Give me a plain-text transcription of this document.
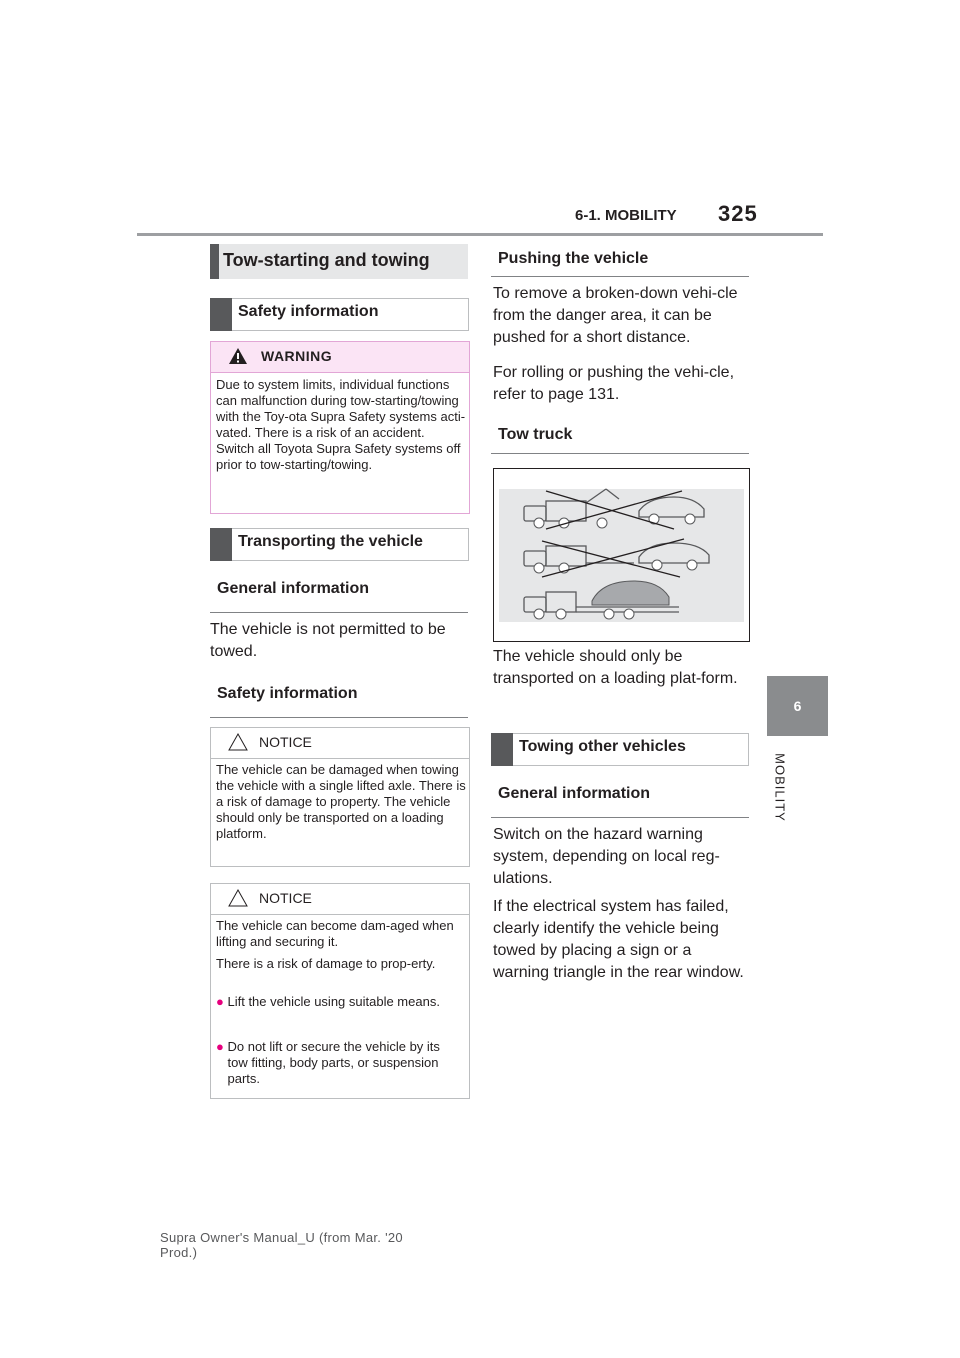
6-1. MOBILITY 325
6
MOBILITY
Tow-starting and towing
Safety information
WARNING
Due to system limits, individual functions can malfunction during tow-starting/towing with the Toy-ota Supra Safety systems acti-vated. There is a risk of an accident. Switch all Toyota Supra Safety systems off prior to tow-starting/towing.
Transporting the vehicle
General information
The vehicle is not permitted to be towed.
Safety information
NOTICE
The vehicle can be damaged when towing the vehicle with a single lifted axle. There is a risk of damage to property. The vehicle should only be transported on a loading platform.
NOTICE
The vehicle can become dam-aged when lifting and securing it.
There is a risk of damage to prop-erty.
● Lift the vehicle using suitable means.
● Do not lift or secure the vehicle by its tow fitting, body parts, or suspension parts.
Pushing the vehicle
To remove a broken-down vehi-cle from the danger area, it can be pushed for a short distance.
For rolling or pushing the vehi-cle, refer to page 131.
Tow truck
The vehicle should only be transported on a loading plat-form.
Towing other vehicles
General information
Switch on the hazard warning system, depending on local reg-ulations.
If the electrical system has failed, clearly identify the vehicle being towed by placing a sign or a warning triangle in the rear window.
Supra Owner's Manual_U (from Mar. '20
Prod.)
